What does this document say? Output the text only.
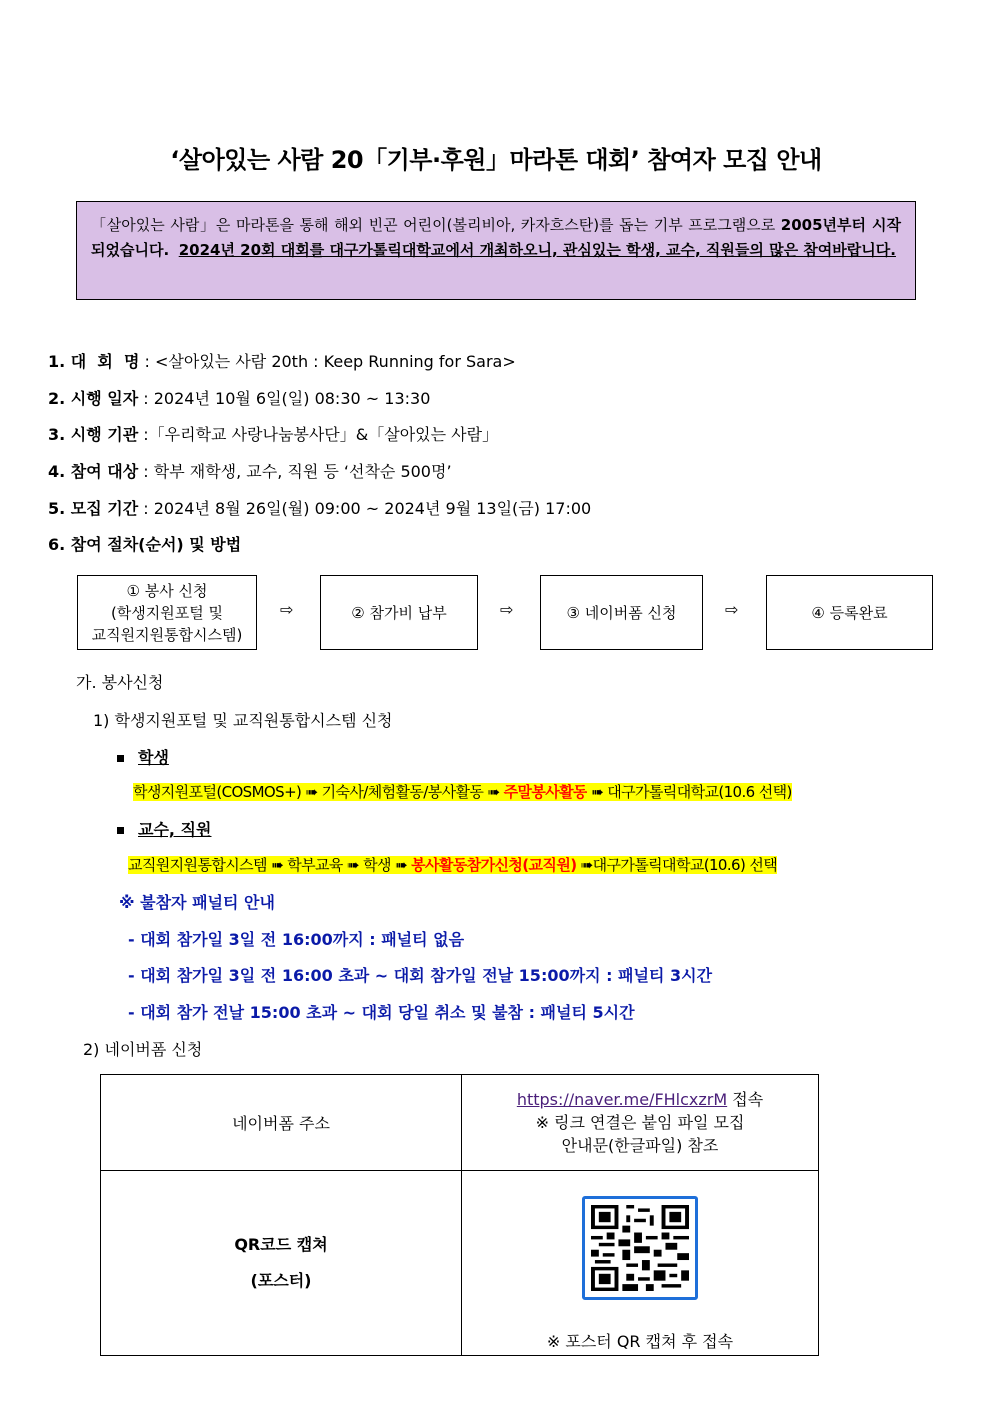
‘살아있는 사람 20「기부·후원」마라톤 대회’ 참여자 모집 안내
「살아있는 사람」은 마라톤을 통해 해외 빈곤 어린이(볼리비아, 카자흐스탄)를 돕는 기부 프로그램으로 2005년부터 시작되었습니다. 2024년 20회 대회를 대구가톨릭대학교에서 개최하오니, 관심있는 학생, 교수, 직원들의 많은 참여바랍니다.
1. 대  회  명 : <살아있는 사람 20th : Keep Running for Sara>
2. 시행 일자 : 2024년 10월 6일(일) 08:30 ~ 13:30
3. 시행 기관 :「우리학교 사랑나눔봉사단」&「살아있는 사람」
4. 참여 대상 : 학부 재학생, 교수, 직원 등 ‘선착순 500명’
5. 모집 기간 : 2024년 8월 26일(월) 09:00 ~ 2024년 9월 13일(금) 17:00
6. 참여 절차(순서) 및 방법
① 봉사 신청
(학생지원포털 및
교직원지원통합시스템)
⇨	② 참가비 납부	⇨	③ 네이버폼 신청	⇨	④ 등록완료
가. 봉사신청
1) 학생지원포털 및 교직원통합시스템 신청
학생
학생지원포털(COSMOS+) ➠ 기숙사/체험활동/봉사활동 ➠ 주말봉사활동 ➠ 대구가톨릭대학교(10.6 선택)
교수, 직원
교직원지원통합시스템 ➠ 학부교육 ➠ 학생 ➠ 봉사활동참가신청(교직원) ➠대구가톨릭대학교(10.6) 선택
※ 불참자 패널티 안내
- 대회 참가일 3일 전 16:00까지 : 패널티 없음
- 대회 참가일 3일 전 16:00 초과 ~ 대회 참가일 전날 15:00까지 : 패널티 3시간
- 대회 참가 전날 15:00 초과 ~ 대회 당일 취소 및 불참 : 패널티 5시간
2) 네이버폼 신청
네이버폼 주소	https://naver.me/FHlcxzrM 접속
※ 링크 연결은 붙임 파일 모집
안내문(한글파일) 참조

QR코드 캡쳐
(포스터)	※ 포스터 QR 캡쳐 후 접속
